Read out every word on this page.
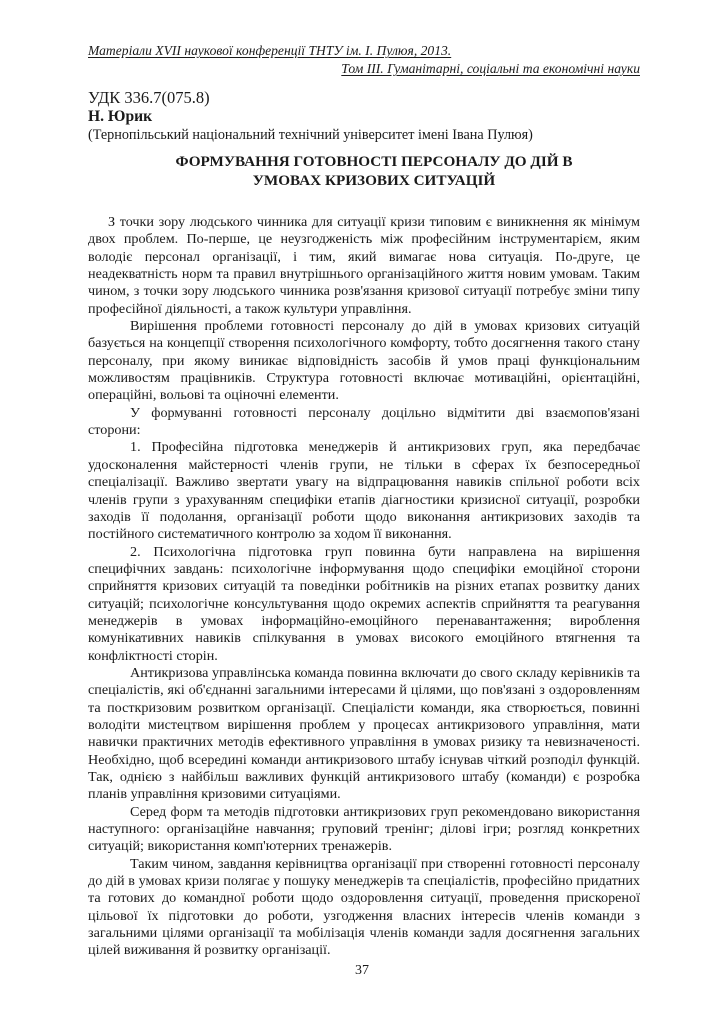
Матеріали XVII наукової конференції ТНТУ ім. І. Пулюя, 2013.
Том ІІІ. Гуманітарні, соціальні та економічні науки
УДК 336.7(075.8)
Н. Юрик
(Тернопільський національний технічний університет імені Івана Пулюя)
ФОРМУВАННЯ ГОТОВНОСТІ ПЕРСОНАЛУ ДО ДІЙ В
УМОВАХ КРИЗОВИХ СИТУАЦІЙ

З точки зору людського чинника для ситуації кризи типовим є виникнення як мінімум двох проблем. По-перше, це неузгодженість між професійним інструментарієм, яким володіє персонал організації, і тим, який вимагає нова ситуація. По-друге, це неадекватність норм та правил внутрішнього організаційного життя новим умовам. Таким чином, з точки зору людського чинника розв'язання кризової ситуації потребує зміни типу професійної діяльності, а також культури управління.

Вирішення проблеми готовності персоналу до дій в умовах кризових ситуацій базується на концепції створення психологічного комфорту, тобто досягнення такого стану персоналу, при якому виникає відповідність засобів й умов праці функціональним можливостям працівників. Структура готовності включає мотиваційні, орієнтаційні, операційні, вольові та оціночні елементи.

У формуванні готовності персоналу доцільно відмітити дві взаємопов'язані сторони:

1. Професійна підготовка менеджерів й антикризових груп, яка передбачає удосконалення майстерності членів групи, не тільки в сферах їх безпосередньої спеціалізації. Важливо звертати увагу на відпрацювання навиків спільної роботи всіх членів групи з урахуванням специфіки етапів діагностики кризисної ситуації, розробки заходів її подолання, організації роботи щодо виконання антикризових заходів та постійного систематичного контролю за ходом її виконання.

2. Психологічна підготовка груп повинна бути направлена на вирішення специфічних завдань: психологічне інформування щодо специфіки емоційної сторони сприйняття кризових ситуацій та поведінки робітників на різних етапах розвитку даних ситуацій; психологічне консультування щодо окремих аспектів сприйняття та реагування менеджерів в умовах інформаційно-емоційного перенавантаження; вироблення комунікативних навиків спілкування в умовах високого емоційного втягнення та конфліктності сторін.

Антикризова управлінська команда повинна включати до свого складу керівників та спеціалістів, які об'єднанні загальними інтересами й цілями, що пов'язані з оздоровленням та посткризовим розвитком організації. Спеціалісти команди, яка створюється, повинні володіти мистецтвом вирішення проблем у процесах антикризового управління, мати навички практичних методів ефективного управління в умовах ризику та невизначеності. Необхідно, щоб всередині команди антикризового штабу існував чіткий розподіл функцій. Так, однією з найбільш важливих функцій антикризового штабу (команди) є розробка планів управління кризовими ситуаціями.

Серед форм та методів підготовки антикризових груп рекомендовано використання наступного: організаційне навчання; груповий тренінг; ділові ігри; розгляд конкретних ситуацій; використання комп'ютерних тренажерів.

Таким чином, завдання керівництва організації при створенні готовності персоналу до дій в умовах кризи полягає у пошуку менеджерів та спеціалістів, професійно придатних та готових до командної роботи щодо оздоровлення ситуації, проведення прискореної цільової їх підготовки до роботи, узгодження власних інтересів членів команди з загальними цілями організації та мобілізація членів команди задля досягнення загальних цілей виживання й розвитку організації.

37
